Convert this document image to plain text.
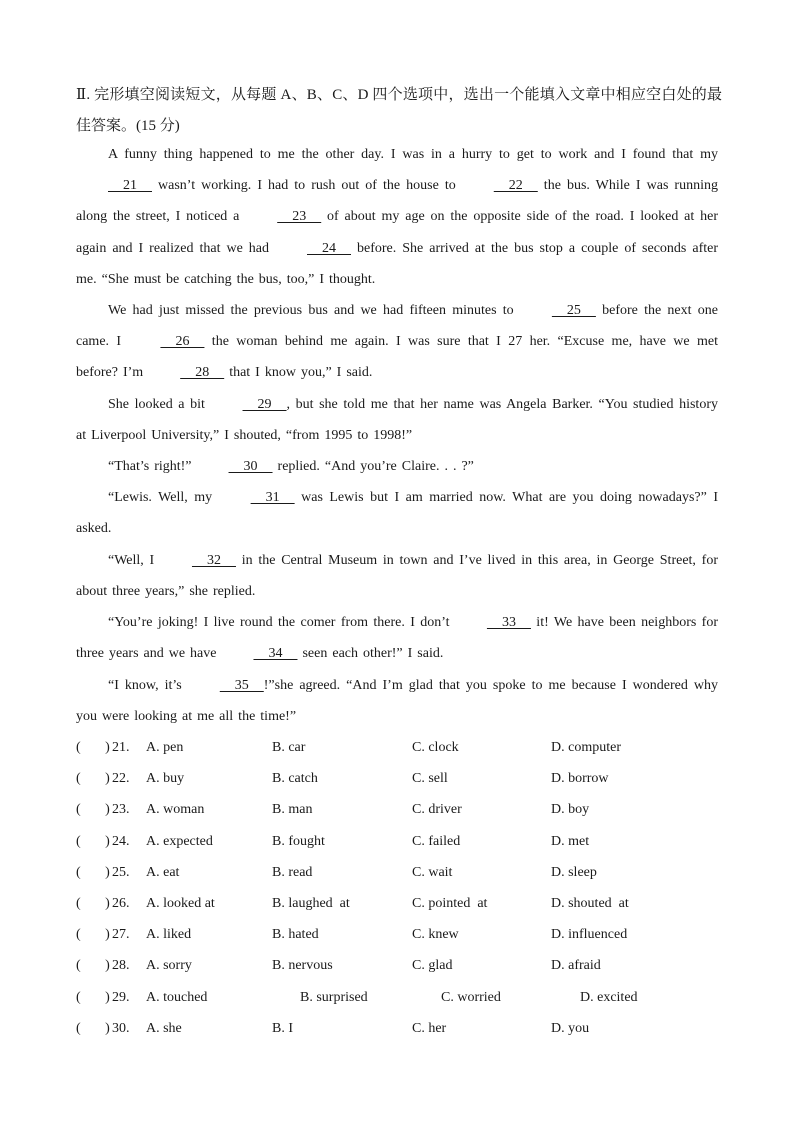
Ⅱ. 完形填空阅读短文，从每题 A、B、C、D 四个选项中，选出一个能填入文章中相应空白处的最佳答案。(15 分)
A funny thing happened to me the other day. I was in a hurry to get to work and I found that my    21    wasn’t working. I had to rush out of the house to    22    the bus. While I was running along the street, I noticed a    23    of about my age on the opposite side of the road. I looked at her again and I realized that we had    24    before. She arrived at the bus stop a couple of seconds after me. “She must be catching the bus, too,” I thought.
We had just missed the previous bus and we had fifteen minutes to    25    before the next one came. I    26    the woman behind me again. I was sure that I 27 her. “Excuse me, have we met before? I’m    28    that I know you,” I said.
She looked a bit    29   , but she told me that her name was Angela Barker. “You studied history at Liverpool University,” I shouted, “from 1995 to 1998!”
“That’s right!”    30    replied. “And you’re Claire. . . ?”
“Lewis. Well, my    31    was Lewis but I am married now. What are you doing nowadays?” I asked.
“Well, I    32    in the Central Museum in town and I’ve lived in this area, in George Street, for about three years,” she replied.
“You’re joking! I live round the comer from there. I don’t    33    it! We have been neighbors for three years and we have    34    seen each other!” I said.
“I know, it’s    35   !”she agreed. “And I’m glad that you spoke to me because I wondered why you were looking at me all the time!”
(       ) 21. A. pen	B. car	C. clock	D. computer
(       ) 22. A. buy	B. catch	C. sell	D. borrow
(       ) 23. A. woman	B. man	C. driver	D. boy
(       ) 24. A. expected	B. fought	C. failed	D. met
(       ) 25. A. eat	B. read	C. wait	D. sleep
(       ) 26. A. looked at	B. laughed  at	C. pointed  at	D. shouted  at
(       ) 27. A. liked	B. hated	C. knew	D. influenced
(       ) 28. A. sorry	B. nervous	C. glad	D. afraid
(       ) 29. A. touched	B. surprised	C. worried	D. excited
(       ) 30. A. she	B. I	C. her	D. you
